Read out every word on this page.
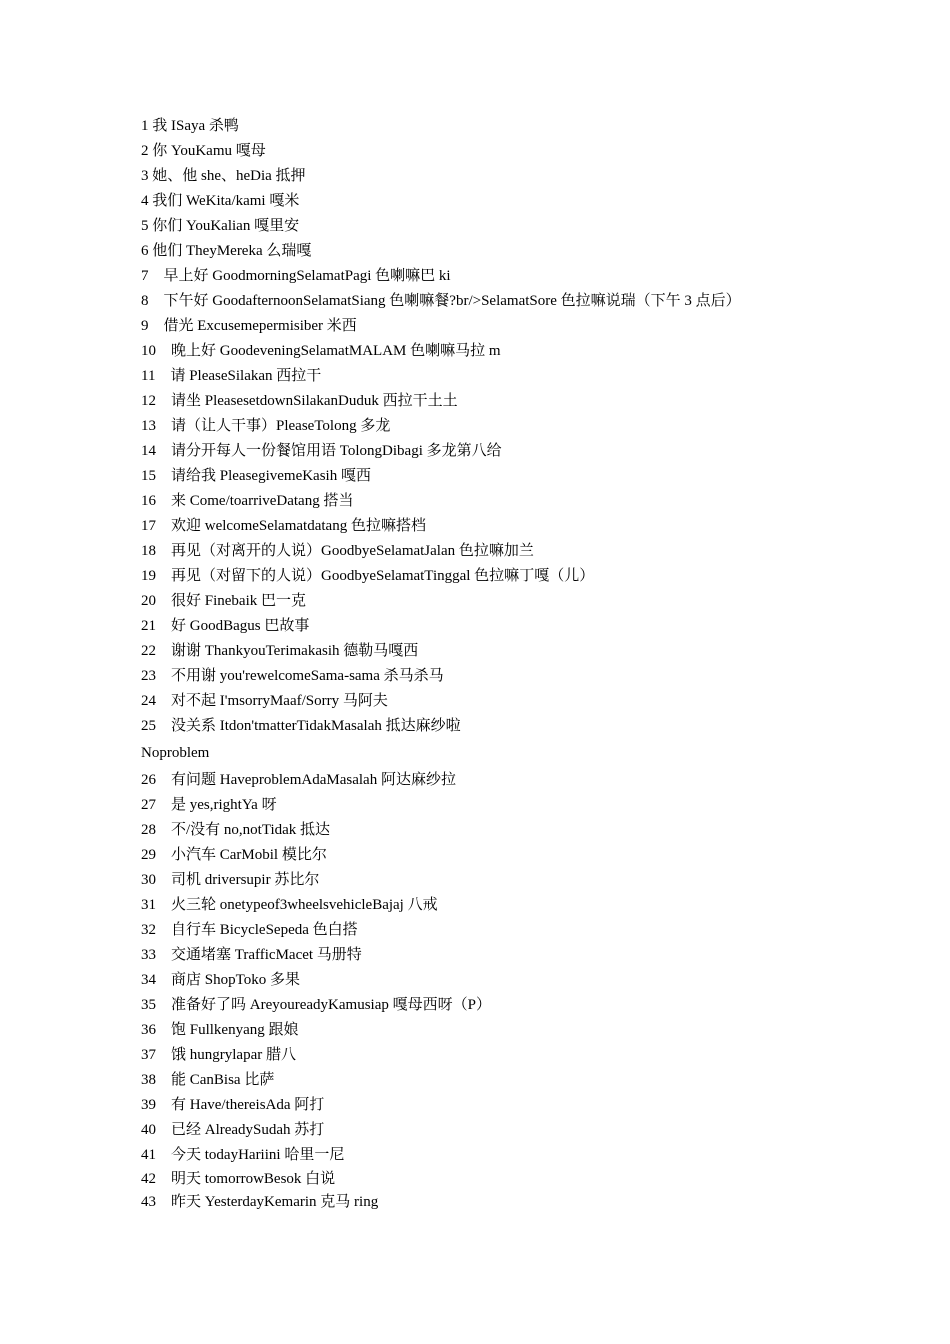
1 我 ISaya 杀鸭
2 你 YouKamu 嘎母
3 她、他 she、heDia 抵押
4 我们 WeKita/kami 嘎米
5 你们 YouKalian 嘎里安
6 他们 TheyMereka 么瑞嘎
7　早上好 GoodmorningSelamatPagi 色喇嘛巴 ki
8　下午好 GoodafternoonSelamatSiang 色喇嘛餐?br/>SelamatSore 色拉嘛说瑞（下午 3 点后）
9　借光 Excusemepermisiber 米西
10　晚上好 GoodeveningSelamatMALAM 色喇嘛马拉 m
11　请 PleaseSilakan 西拉干
12　请坐 PleasesetdownSilakanDuduk 西拉干土土
13　请（让人干事）PleaseTolong 多龙
14　请分开每人一份餐馆用语 TolongDibagi 多龙第八给
15　请给我 PleasegivemeKasih 嘎西
16　来 Come/toarriveDatang 搭当
17　欢迎 welcomeSelamatdatang 色拉嘛搭档
18　再见（对离开的人说）GoodbyeSelamatJalan 色拉嘛加兰
19　再见（对留下的人说）GoodbyeSelamatTinggal 色拉嘛丁嘎（儿）
20　很好 Finebaik 巴一克
21　好 GoodBagus 巴故事
22　谢谢 ThankyouTerimakasih 德勒马嘎西
23　不用谢 you'rewelcomeSama-sama 杀马杀马
24　对不起 I'msorryMaaf/Sorry 马阿夫
25　没关系 Itdon'tmatterTidakMasalah 抵达麻纱啦
Noproblem
26　有问题 HaveproblemAdaMasalah 阿达麻纱拉
27　是 yes,rightYa 呀
28　不/没有 no,notTidak 抵达
29　小汽车 CarMobil 模比尔
30　司机 driversupir 苏比尔
31　火三轮 onetypeof3wheelsvehicleBajaj 八戒
32　自行车 BicycleSepeda 色白搭
33　交通堵塞 TrafficMacet 马册特
34　商店 ShopToko 多果
35　准备好了吗 AreyoureadyKamusiap 嘎母西呀（P）
36　饱 Fullkenyang 跟娘
37　饿 hungrylapar 腊八
38　能 CanBisa 比萨
39　有 Have/thereisAda 阿打
40　已经 AlreadySudah 苏打
41　今天 todayHariini 哈里一尼
42　明天 tomorrowBesok 白说
43　昨天 YesterdayKemarin 克马 ring
